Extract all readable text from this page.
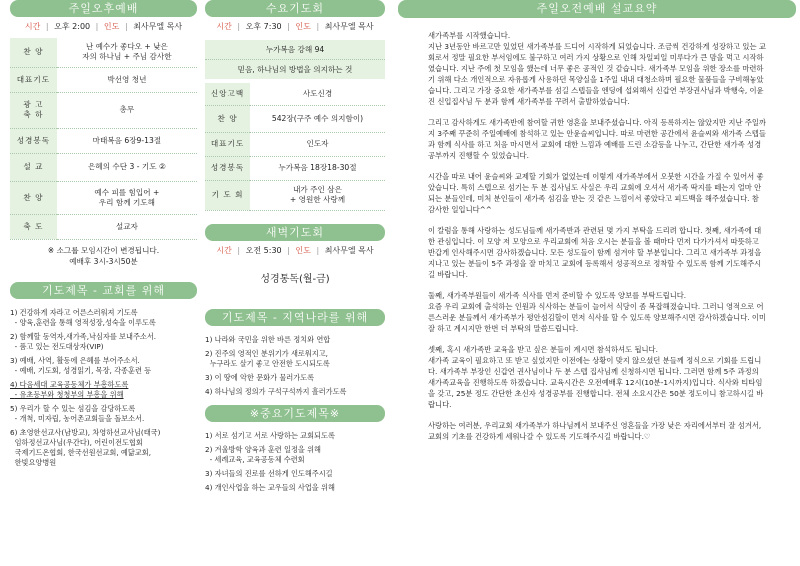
주일오후예배
시간 | 오후 2:00 | 인도 | 최사무엘 목사
찬 양	난 예수가 좋다오 + 낮은
자의 하나님 + 주님 감사한
대표기도	박선영 청년
광 고
축 하	총무
성경봉독	마태복음 6장9-13절
설 교	은혜의 수단 3 - 기도 ②
찬 양	예수 피를 힘입어 +
우리 함께 기도해
축 도	설교자
※ 소그룹 모임시간이 변경됩니다.
예배후 3시-3시50분
기도제목 - 교회를 위해
1) 건강하게 자라고 어른스러워져 기도록
- 양육,훈련을 통해 영적성장,성숙을 이루도록
2) 함께할 동역자,새가족,낙심자를 보내주소서.
- 품고 있는 전도대상자(VIP)
3) 예배, 사역, 활동에 은혜를 부어주소서.
- 예배, 기도회, 성경읽기, 목장, 각종훈련 등
4) 다음세대 교육공동체가 부흥하도록
- 유초등부와 청청부의 부흥을 위해
5) 우리가 할 수 있는 섬김을 감당하도록
- 개척, 미자립, 농어촌교회들을 돌보소서.
6) 초영한선교사(남방교), 차영하선교사님(태국)
임하정선교사님(우간다), 어린이전도협회
국제기드온협회, 한국선원선교회, 예닮교회,
한빛요양병원
수요기도회
시간 | 오후 7:30 | 인도 | 최사무엘 목사
누가복음 강해 94
믿음, 하나님의 방법을 의지하는 것
신앙고백	사도신경
찬 양	542장(구주 예수 의지함이)
대표기도	인도자
성경봉독	누가복음 18장18-30절
기 도 회	내가 주인 삼은
+ 영원한 사랑께
새벽기도회
시간 | 오전 5:30 | 인도 | 최사무엘 목사
성경통독(월-금)
기도제목 - 지역나라를 위해
1) 나라와 국민을 위한 바른 정치와 연합
2) 진주의 영적인 분위기가 새로워지고,
누구라도 살기 좋고 안전한 도시되도록
3) 이 땅에 악한 문화가 물러가도록
4) 하나님의 정의가 구석구석까지 흘러가도록
※중요기도제목※
1) 서로 섬기고 서로 사랑하는 교회되도록
2) 겨울방학 양육과 훈련 일정을 위해
- 세례교육, 교육공동체 수련회
3) 자녀들의 진로를 선하게 인도해주시길
4) 개인사업을 하는 교우들의 사업을 위해
주일오전예배 설교요약

새가족부를 시작했습니다.
지난 3년동안 바르고만 있었던 새가족부를 드디어 시작하게 되었습니다. 조금씩 건강하게 성장하고 있는 교회로서 정말 필요한 부서임에도 불구하고 여러 가지 상황으로 인해 차일피일 미루다가 큰 맘을 먹고 시작하였습니다. 지난 주에 첫 모임을 했는데 너무 좋은 공적인 것 같습니다. 새가족부 모임을 위한 장소를 마련하기 위해 다소 개인적으로 자유롭게 사용하던 목양실을 1주일 내내 대청소하며 필요한 물품들을 구비해놓았습니다. 그리고 가장 중요한 새가족부를 섬길 스텝들을 엔딩에 섭외해서 신갑연 부장권사님과 박행숙, 이윤진 신입집사님 두 분과 함께 새가족부를 꾸려서 출발하였습니다.

그리고 감사하게도 새가족반에 참여할 귀한 영혼을 보내주셨습니다. 아직 등록하지는 않았지만 지난 주일까지 3주째 꾸준히 주일예배에 참석하고 있는 안윤슬씨입니다. 따로 마련한 공간에서 윤슬씨와 새가족 스텝들과 함께 식사를 하고 처음 마시면서 교회에 대한 느낌과 예배를 드린 소감등을 나누고, 간단한 새가족 성경공부까지 진행할 수 있었습니다.

시간을 따로 내어 윤슬씨와 교제할 기회가 없었는데 이렇게 새가족부에서 오붓한 시간을 가질 수 있어서 좋았습니다. 특히 스텝으로 섬기는 두 분 집사님도 사실은 우리 교회에 오셔서 새가족 딱지를 떼는지 얼마 안 되는 분들인데, 미처 분인들이 새가족 섬김을 받는 것 같은 느낌이서 좋았다고 피드백을 해주셨습니다. 참 감사한 일입니다^^

이 칼럼을 통해 사랑하는 성도님들께 새가족반과 관련된 몇 가지 부탁을 드리려 합니다. 첫째, 새가족에 대한 관심입니다. 이 모양 저 모양으로 우리교회에 처음 오시는 분들을 볼 때마다 먼저 다가가셔서 따뜻하고 반갑게 인사해주시면 감사하겠습니다. 모든 성도들이 함께 섬겨야 할 부분입니다. 그리고 새가족부 과정을 지나고 있는 분들이 5주 과정을 잘 마치고 교회에 등록해서 성공적으로 정착할 수 있도록 함께 기도해주시길 바랍니다.

둘째, 새가족부원들이 새가족 식사를 먼저 준비할 수 있도록 양보를 부탁드립니다.
요즘 우리 교회에 출석하는 인원과 식사하는 분들이 늘어서 식당이 좀 복잡해졌습니다. 그러니 영적으로 어른스러운 분들께서 새가족부가 평안섬김할이 먼저 식사를 할 수 있도록 양보해주시면 감사하겠습니다. 이미 잘 하고 계시지만 한번 더 부탁의 말씀드립니다.

셋째, 혹시 새가족반 교육을 받고 싶은 분들이 계시면 참석하셔도 됩니다.
새가족 교육이 필요하고 또 받고 싶었지만 이전에는 상황이 맞지 않으셨던 분들께 정식으로 기회를 드립니다. 새가족부 부장인 신갑연 권사님이나 두 분 스텝 집사님께 신청하시면 됩니다. 그러면 함께 5주 과정의 새가족교육을 진행하도록 하겠습니다. 교육시간은 오전예배후 12시(10분-1시까지)입니다. 식사와 티타임을 갖고, 25분 정도 간단한 초신자 성경공부를 진행합니다. 전체 소요시간은 50분 정도이니 참고하시길 바랍니다.

사랑하는 여러분, 우리교회 새가족부가 하나님께서 보내주신 영혼들을 가장 낮은 자리에서부터 잘 섬겨서, 교회의 기초를 건강하게 세워나갈 수 있도록 기도해주시길 바랍니다.♡
